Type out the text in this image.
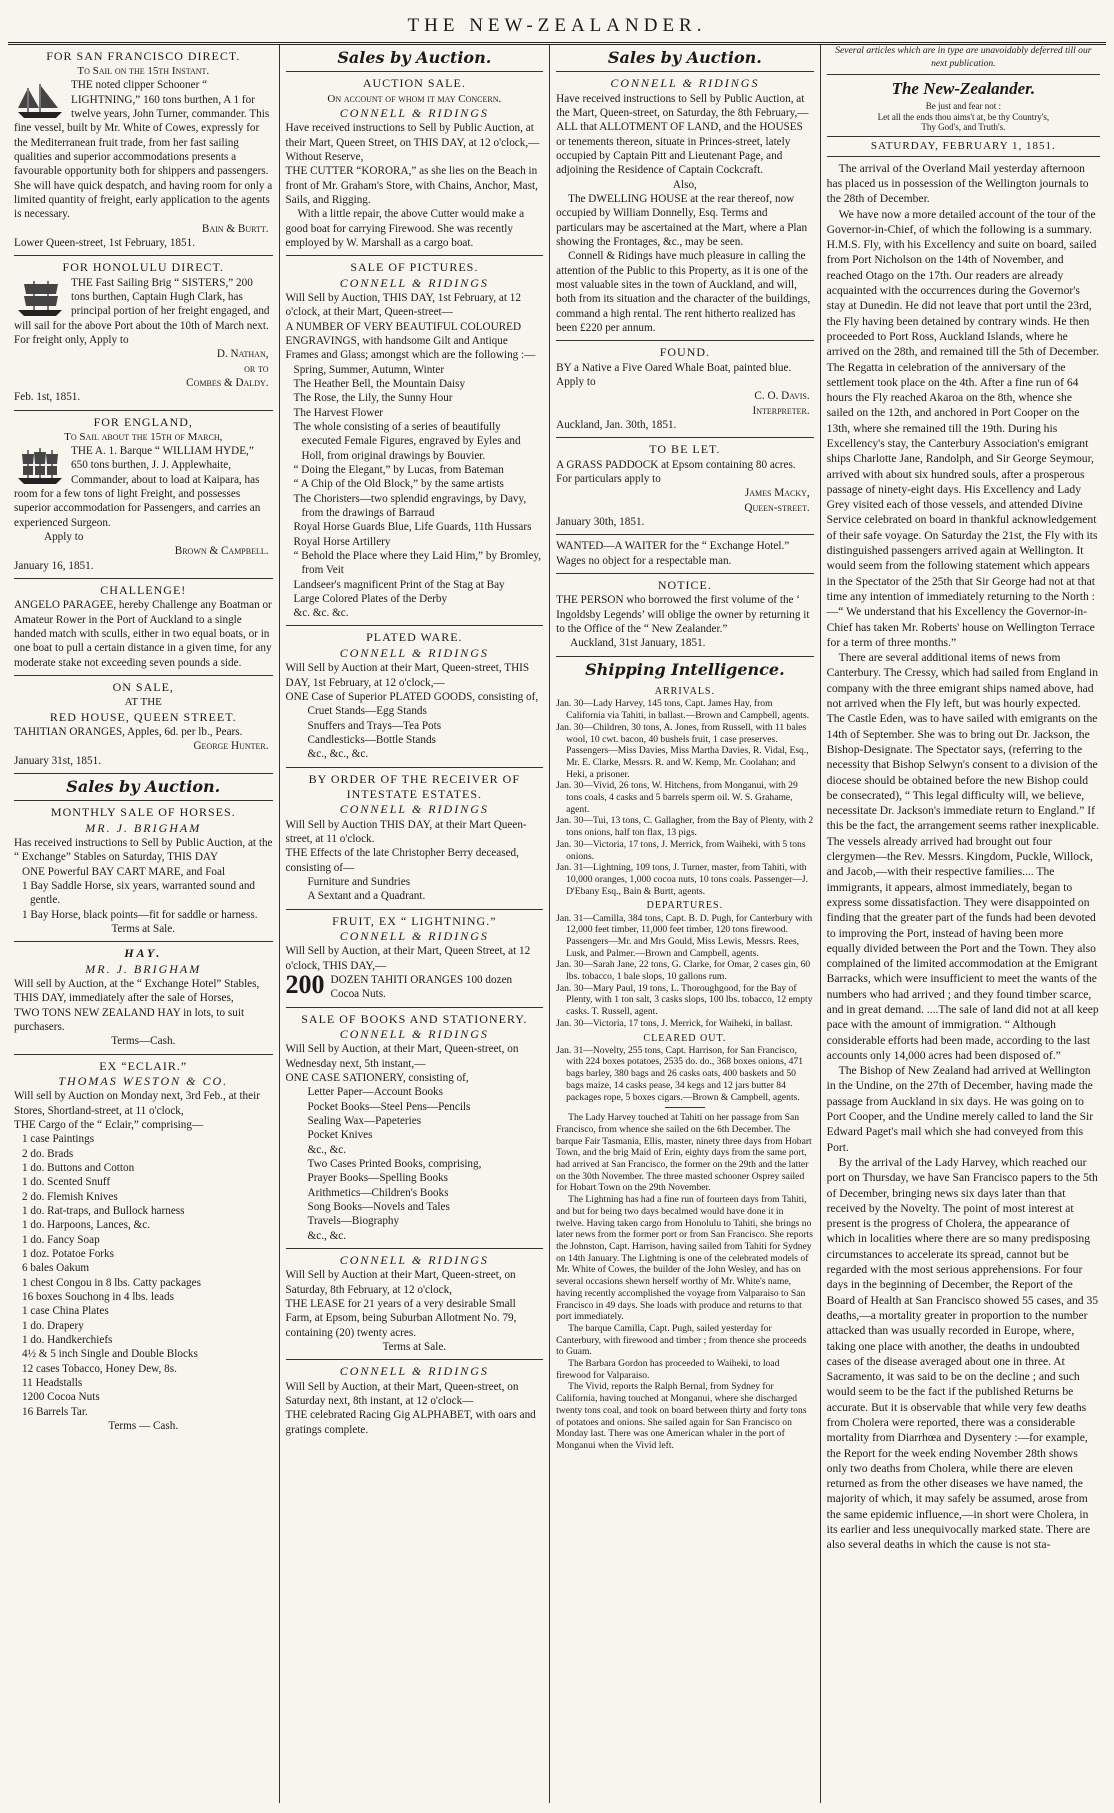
THE NEW-ZEALANDER.
FOR SAN FRANCISCO DIRECT.
To Sail on the 15th Instant.

THE noted clipper Schooner “ LIGHTNING,” 160 tons burthen, A 1 for twelve years, John Turner, commander. This fine vessel, built by Mr. White of Cowes, expressly for the Mediterranean fruit trade, from her fast sailing qualities and superior accommodations presents a favourable opportunity both for shippers and passengers. She will have quick despatch, and having room for only a limited quantity of freight, early application to the agents is necessary.

Bain & Burtt.

Lower Queen-street, 1st February, 1851.

FOR HONOLULU DIRECT.

THE Fast Sailing Brig “ SISTERS,” 200 tons burthen, Captain Hugh Clark, has principal portion of her freight engaged, and will sail for the above Port about the 10th of March next. For freight only, Apply to

D. Nathan,
or to
Combes & Daldy.

Feb. 1st, 1851.

FOR ENGLAND,
To Sail about the 15th of March,

THE A. 1. Barque “ WILLIAM HYDE,” 650 tons burthen, J. J. Applewhaite, Commander, about to load at Kaipara, has room for a few tons of light Freight, and possesses superior accommodation for Passengers, and carries an experienced Surgeon.

Apply to

Brown & Campbell.

January 16, 1851.

CHALLENGE!

ANGELO PARAGEE, hereby Challenge any Boatman or Amateur Rower in the Port of Auckland to a single handed match with sculls, either in two equal boats, or in one boat to pull a certain distance in a given time, for any moderate stake not exceeding seven pounds a side.

ON SALE,
AT THE
RED HOUSE, QUEEN STREET.

TAHITIAN ORANGES, Apples, 6d. per lb., Pears.

George Hunter.

January 31st, 1851.

Sales by Auction.
MONTHLY SALE OF HORSES.
MR. J. BRIGHAM

Has received instructions to Sell by Public Auction, at the “ Exchange” Stables on Saturday, THIS DAY

ONE Powerful BAY CART MARE, and Foal
1 Bay Saddle Horse, six years, warranted sound and gentle.
1 Bay Horse, black points—fit for saddle or harness.
Terms at Sale.
HAY.
MR. J. BRIGHAM

Will sell by Auction, at the “ Exchange Hotel” Stables, THIS DAY, immediately after the sale of Horses,

TWO TONS NEW ZEALAND HAY in lots, to suit purchasers.

Terms—Cash.
EX “ECLAIR.”
THOMAS WESTON & CO.

Will sell by Auction on Monday next, 3rd Feb., at their Stores, Shortland-street, at 11 o'clock,

THE Cargo of the “ Eclair,” comprising—

1 case Paintings
2 do. Brads
1 do. Buttons and Cotton
1 do. Scented Snuff
2 do. Flemish Knives
1 do. Rat-traps, and Bullock harness
1 do. Harpoons, Lances, &c.
1 do. Fancy Soap
1 doz. Potatoe Forks
6 bales Oakum
1 chest Congou in 8 lbs. Catty packages
16 boxes Souchong in 4 lbs. leads
1 case China Plates
1 do. Drapery
1 do. Handkerchiefs
4½ & 5 inch Single and Double Blocks
12 cases Tobacco, Honey Dew, 8s.
11 Headstalls
1200 Cocoa Nuts
16 Barrels Tar.
Terms — Cash.
Sales by Auction.
AUCTION SALE.
On account of whom it may Concern.
CONNELL & RIDINGS

Have received instructions to Sell by Public Auction, at their Mart, Queen Street, on THIS DAY, at 12 o'clock,—Without Reserve,

THE CUTTER “KORORA,” as she lies on the Beach in front of Mr. Graham's Store, with Chains, Anchor, Mast, Sails, and Rigging.

With a little repair, the above Cutter would make a good boat for carrying Firewood. She was recently employed by W. Marshall as a cargo boat.

SALE OF PICTURES.
CONNELL & RIDINGS

Will Sell by Auction, THIS DAY, 1st February, at 12 o'clock, at their Mart, Queen-street—

A NUMBER OF VERY BEAUTIFUL COLOURED ENGRAVINGS, with handsome Gilt and Antique Frames and Glass; amongst which are the following :—

Spring, Summer, Autumn, Winter
The Heather Bell, the Mountain Daisy
The Rose, the Lily, the Sunny Hour
The Harvest Flower
The whole consisting of a series of beautifully executed Female Figures, engraved by Eyles and Holl, from original drawings by Bouvier.
“ Doing the Elegant,” by Lucas, from Bateman
“ A Chip of the Old Block,” by the same artists
The Choristers—two splendid engravings, by Davy, from the drawings of Barraud
Royal Horse Guards Blue, Life Guards, 11th Hussars
Royal Horse Artillery
“ Behold the Place where they Laid Him,” by Bromley, from Veit
Landseer's magnificent Print of the Stag at Bay
Large Colored Plates of the Derby
&c. &c. &c.
PLATED WARE.
CONNELL & RIDINGS

Will Sell by Auction at their Mart, Queen-street, THIS DAY, 1st February, at 12 o'clock,—

ONE Case of Superior PLATED GOODS, consisting of,

Cruet Stands—Egg Stands
Snuffers and Trays—Tea Pots
Candlesticks—Bottle Stands
&c., &c., &c.
BY ORDER OF THE RECEIVER OF INTESTATE ESTATES.
CONNELL & RIDINGS

Will Sell by Auction THIS DAY, at their Mart Queen-street, at 11 o'clock.

THE Effects of the late Christopher Berry deceased, consisting of—

Furniture and Sundries
A Sextant and a Quadrant.
FRUIT, EX “ LIGHTNING.”
CONNELL & RIDINGS

Will Sell by Auction, at their Mart, Queen Street, at 12 o'clock, THIS DAY,—

200 DOZEN TAHITI ORANGES 100 dozen Cocoa Nuts.
SALE OF BOOKS AND STATIONERY.
CONNELL & RIDINGS

Will Sell by Auction, at their Mart, Queen-street, on Wednesday next, 5th instant,—

ONE CASE SATIONERY, consisting of,

Letter Paper—Account Books
Pocket Books—Steel Pens—Pencils
Sealing Wax—Papeteries
Pocket Knives
&c., &c.
Two Cases Printed Books, comprising,
Prayer Books—Spelling Books
Arithmetics—Children's Books
Song Books—Novels and Tales
Travels—Biography
&c., &c.
CONNELL & RIDINGS

Will Sell by Auction at their Mart, Queen-street, on Saturday, 8th February, at 12 o'clock,

THE LEASE for 21 years of a very desirable Small Farm, at Epsom, being Suburban Allotment No. 79, containing (20) twenty acres.

Terms at Sale.
CONNELL & RIDINGS

Will Sell by Auction, at their Mart, Queen-street, on Saturday next, 8th instant, at 12 o'clock—

THE celebrated Racing Gig ALPHABET, with oars and gratings complete.

Sales by Auction.
CONNELL & RIDINGS

Have received instructions to Sell by Public Auction, at the Mart, Queen-street, on Saturday, the 8th February,—

ALL that ALLOTMENT OF LAND, and the HOUSES or tenements thereon, situate in Princes-street, lately occupied by Captain Pitt and Lieutenant Page, and adjoining the Residence of Captain Cockcraft.

Also,

The DWELLING HOUSE at the rear thereof, now occupied by William Donnelly, Esq. Terms and particulars may be ascertained at the Mart, where a Plan showing the Frontages, &c., may be seen.

Connell & Ridings have much pleasure in calling the attention of the Public to this Property, as it is one of the most valuable sites in the town of Auckland, and will, both from its situation and the character of the buildings, command a high rental. The rent hitherto realized has been £220 per annum.

FOUND.

BY a Native a Five Oared Whale Boat, painted blue. Apply to

C. O. Davis.
Interpreter.

Auckland, Jan. 30th, 1851.

TO BE LET.

A GRASS PADDOCK at Epsom containing 80 acres. For particulars apply to

James Macky,
Queen-street.

January 30th, 1851.

WANTED—A WAITER for the “ Exchange Hotel.” Wages no object for a respectable man.

NOTICE.

THE PERSON who borrowed the first volume of the ‘ Ingoldsby Legends’ will oblige the owner by returning it to the Office of the “ New Zealander.”

Auckland, 31st January, 1851.

Shipping Intelligence.
ARRIVALS.
Jan. 30—Lady Harvey, 145 tons, Capt. James Hay, from California via Tahiti, in ballast.—Brown and Campbell, agents.
Jan. 30—Children, 30 tons, A. Jones, from Russell, with 11 bales wool, 10 cwt. bacon, 40 bushels fruit, 1 case preserves. Passengers—Miss Davies, Miss Martha Davies, R. Vidal, Esq., Mr. E. Clarke, Messrs. R. and W. Kemp, Mr. Coolahan; and Heki, a prisoner.
Jan. 30—Vivid, 26 tons, W. Hitchens, from Monganui, with 29 tons coals, 4 casks and 5 barrels sperm oil. W. S. Grahame, agent.
Jan. 30—Tui, 13 tons, C. Gallagher, from the Bay of Plenty, with 2 tons onions, half ton flax, 13 pigs.
Jan. 30—Victoria, 17 tons, J. Merrick, from Waiheki, with 5 tons onions.
Jan. 31—Lightning, 109 tons, J. Turner, master, from Tahiti, with 10,000 oranges, 1,000 cocoa nuts, 10 tons coals. Passenger—J. D'Ebany Esq., Bain & Burtt, agents.
DEPARTURES.
Jan. 31—Camilla, 384 tons, Capt. B. D. Pugh, for Canterbury with 12,000 feet timber, 11,000 feet timber, 120 tons firewood. Passengers—Mr. and Mrs Gould, Miss Lewis, Messrs. Rees, Lusk, and Palmer.—Brown and Campbell, agents.
Jan. 30—Sarah Jane, 22 tons, G. Clarke, for Omar, 2 cases gin, 60 lbs. tobacco, 1 bale slops, 10 gallons rum.
Jan. 30—Mary Paul, 19 tons, L. Thoroughgood, for the Bay of Plenty, with 1 ton salt, 3 casks slops, 100 lbs. tobacco, 12 empty casks. T. Russell, agent.
Jan. 30—Victoria, 17 tons, J. Merrick, for Waiheki, in ballast.
CLEARED OUT.
Jan. 31—Novelty, 255 tons, Capt. Harrison, for San Francisco, with 224 boxes potatoes, 2535 do. do., 368 boxes onions, 471 bags barley, 380 bags and 26 casks oats, 400 baskets and 50 bags maize, 14 casks pease, 34 kegs and 12 jars butter 84 packages rope, 5 boxes cigars.—Brown & Campbell, agents.
The Lady Harvey touched at Tahiti on her passage from San Francisco, from whence she sailed on the 6th December. The barque Fair Tasmania, Ellis, master, ninety three days from Hobart Town, and the brig Maid of Erin, eighty days from the same port, had arrived at San Francisco, the former on the 29th and the latter on the 30th November. The three masted schooner Osprey sailed for Hobart Town on the 29th November.
The Lightning has had a fine run of fourteen days from Tahiti, and but for being two days becalmed would have done it in twelve. Having taken cargo from Honolulu to Tahiti, she brings no later news from the former port or from San Francisco. She reports the Johnston, Capt. Harrison, having sailed from Tahiti for Sydney on 14th January. The Lightning is one of the celebrated models of Mr. White of Cowes, the builder of the John Wesley, and has on several occasions shewn herself worthy of Mr. White's name, having recently accomplished the voyage from Valparaiso to San Francisco in 49 days. She loads with produce and returns to that port immediately.
The barque Camilla, Capt. Pugh, sailed yesterday for Canterbury, with firewood and timber ; from thence she proceeds to Guam.
The Barbara Gordon has proceeded to Waiheki, to load firewood for Valparaiso.
The Vivid, reports the Ralph Bernal, from Sydney for California, having touched at Monganui, where she discharged twenty tons coal, and took on board between thirty and forty tons of potatoes and onions. She sailed again for San Francisco on Monday last. There was one American whaler in the port of Monganui when the Vivid left.
Several articles which are in type are unavoidably deferred till our next publication.
The New-Zealander.
Be just and fear not :
Let all the ends thou aims't at, be thy Country's,
Thy God's, and Truth's.
SATURDAY, FEBRUARY 1, 1851.
The arrival of the Overland Mail yesterday afternoon has placed us in possession of the Wellington journals to the 28th of December.
We have now a more detailed account of the tour of the Governor-in-Chief, of which the following is a summary. H.M.S. Fly, with his Excellency and suite on board, sailed from Port Nicholson on the 14th of November, and reached Otago on the 17th. Our readers are already acquainted with the occurrences during the Governor's stay at Dunedin. He did not leave that port until the 23rd, the Fly having been detained by contrary winds. He then proceeded to Port Ross, Auckland Islands, where he arrived on the 28th, and remained till the 5th of December. The Regatta in celebration of the anniversary of the settlement took place on the 4th. After a fine run of 64 hours the Fly reached Akaroa on the 8th, whence she sailed on the 12th, and anchored in Port Cooper on the 13th, where she remained till the 19th. During his Excellency's stay, the Canterbury Association's emigrant ships Charlotte Jane, Randolph, and Sir George Seymour, arrived with about six hundred souls, after a prosperous passage of ninety-eight days. His Excellency and Lady Grey visited each of those vessels, and attended Divine Service celebrated on board in thankful acknowledgement of their safe voyage. On Saturday the 21st, the Fly with its distinguished passengers arrived again at Wellington. It would seem from the following statement which appears in the Spectator of the 25th that Sir George had not at that time any intention of immediately returning to the North :—“ We understand that his Excellency the Governor-in-Chief has taken Mr. Roberts' house on Wellington Terrace for a term of three months.”
There are several additional items of news from Canterbury. The Cressy, which had sailed from England in company with the three emigrant ships named above, had not arrived when the Fly left, but was hourly expected. The Castle Eden, was to have sailed with emigrants on the 14th of September. She was to bring out Dr. Jackson, the Bishop-Designate. The Spectator says, (referring to the necessity that Bishop Selwyn's consent to a division of the diocese should be obtained before the new Bishop could be consecrated), “ This legal difficulty will, we believe, necessitate Dr. Jackson's immediate return to England.” If this be the fact, the arrangement seems rather inexplicable. The vessels already arrived had brought out four clergymen—the Rev. Messrs. Kingdom, Puckle, Willock, and Jacob,—with their respective families.... The immigrants, it appears, almost immediately, began to express some dissatisfaction. They were disappointed on finding that the greater part of the funds had been devoted to improving the Port, instead of having been more equally divided between the Port and the Town. They also complained of the limited accommodation at the Emigrant Barracks, which were insufficient to meet the wants of the numbers who had arrived ; and they found timber scarce, and in great demand. ....The sale of land did not at all keep pace with the amount of immigration. “ Although considerable efforts had been made, according to the last accounts only 14,000 acres had been disposed of.”
The Bishop of New Zealand had arrived at Wellington in the Undine, on the 27th of December, having made the passage from Auckland in six days. He was going on to Port Cooper, and the Undine merely called to land the Sir Edward Paget's mail which she had conveyed from this Port.
By the arrival of the Lady Harvey, which reached our port on Thursday, we have San Francisco papers to the 5th of December, bringing news six days later than that received by the Novelty. The point of most interest at present is the progress of Cholera, the appearance of which in localities where there are so many predisposing circumstances to accelerate its spread, cannot but be regarded with the most serious apprehensions. For four days in the beginning of December, the Report of the Board of Health at San Francisco showed 55 cases, and 35 deaths,—a mortality greater in proportion to the number attacked than was usually recorded in Europe, where, taking one place with another, the deaths in undoubted cases of the disease averaged about one in three. At Sacramento, it was said to be on the decline ; and such would seem to be the fact if the published Returns be accurate. But it is observable that while very few deaths from Cholera were reported, there was a considerable mortality from Diarrhœa and Dysentery :—for example, the Report for the week ending November 28th shows only two deaths from Cholera, while there are eleven returned as from the other diseases we have named, the majority of which, it may safely be assumed, arose from the same epidemic influence,—in short were Cholera, in its earlier and less unequivocally marked state. There are also several deaths in which the cause is not sta-
